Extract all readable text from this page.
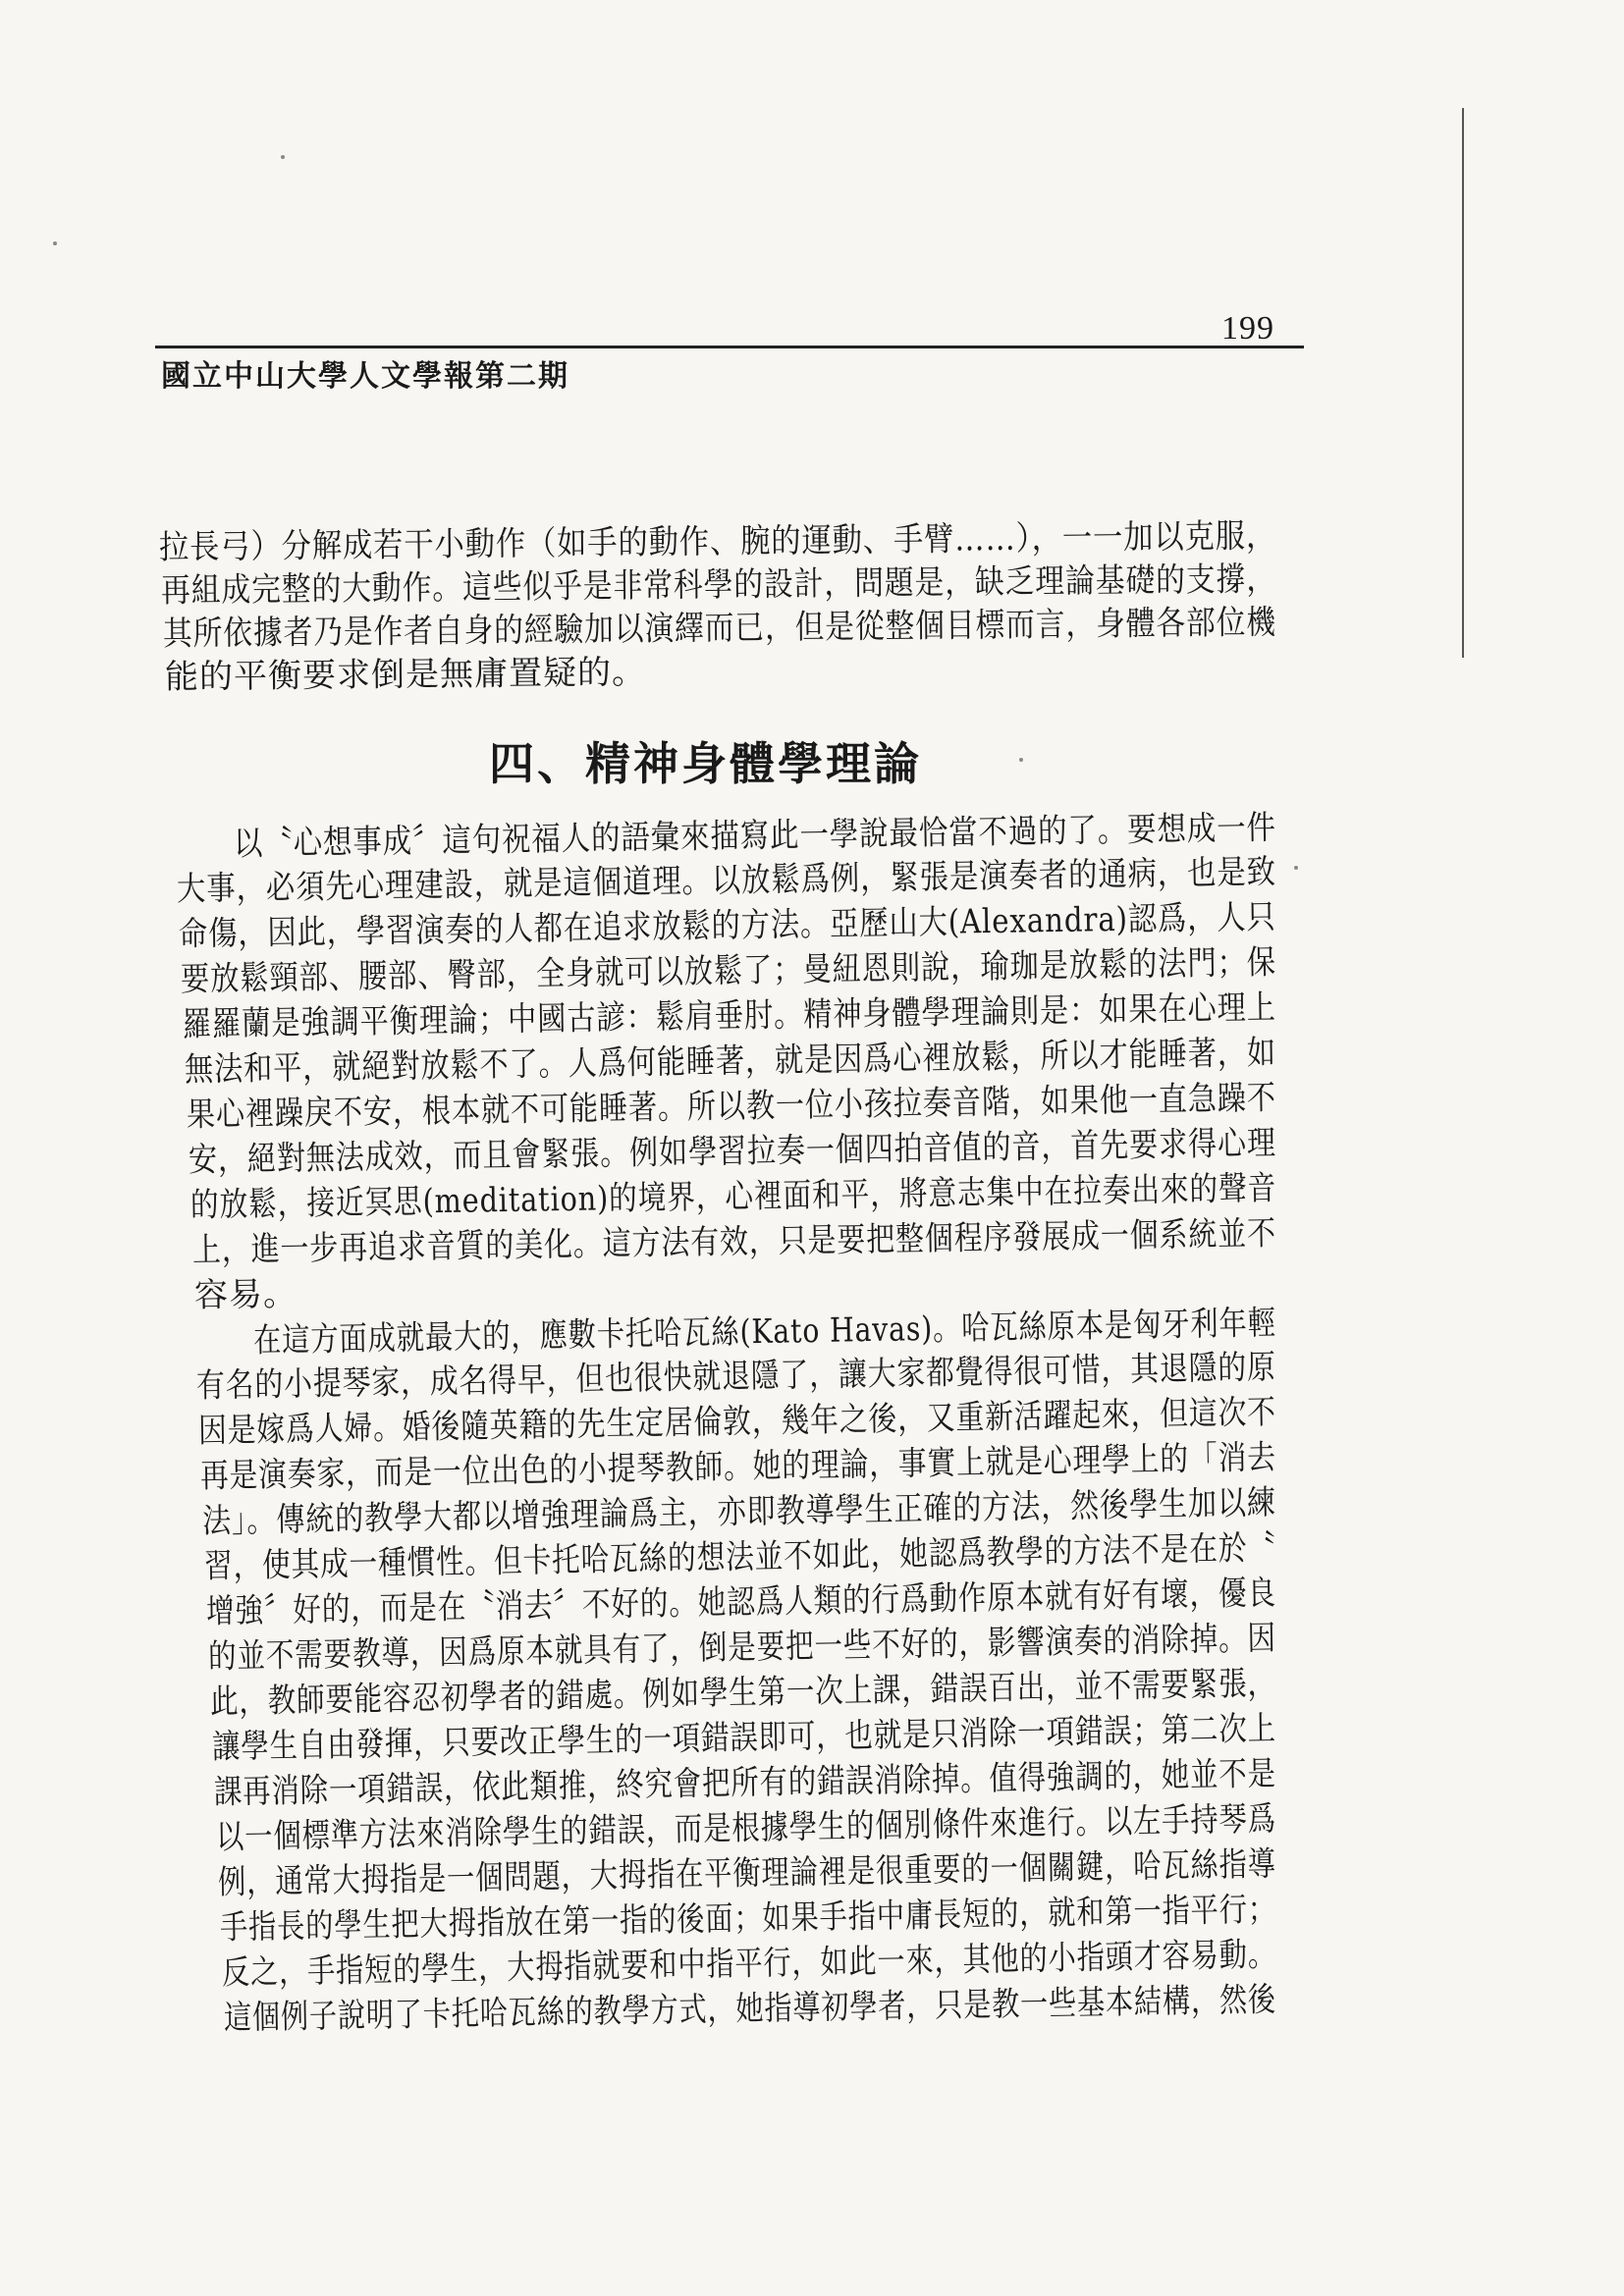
199
國立中山大學人文學報第二期
拉長弓）分解成若干小動作（如手的動作、腕的運動、手臂……），一一加以克服，
再組成完整的大動作。這些似乎是非常科學的設計，問題是，缺乏理論基礎的支撐，
其所依據者乃是作者自身的經驗加以演繹而已，但是從整個目標而言，身體各部位機
能的平衡要求倒是無庸置疑的。
四、精神身體學理論
以〝心想事成〞這句祝福人的語彙來描寫此一學說最恰當不過的了。要想成一件
大事，必須先心理建設，就是這個道理。以放鬆爲例，緊張是演奏者的通病，也是致
命傷，因此，學習演奏的人都在追求放鬆的方法。亞歷山大(Alexandra)認爲，人只
要放鬆頸部、腰部、臀部，全身就可以放鬆了；曼紐恩則說，瑜珈是放鬆的法門；保
羅羅蘭是強調平衡理論；中國古諺：鬆肩垂肘。精神身體學理論則是：如果在心理上
無法和平，就絕對放鬆不了。人爲何能睡著，就是因爲心裡放鬆，所以才能睡著，如
果心裡躁戾不安，根本就不可能睡著。所以教一位小孩拉奏音階，如果他一直急躁不
安，絕對無法成效，而且會緊張。例如學習拉奏一個四拍音值的音，首先要求得心理
的放鬆，接近冥思(meditation)的境界，心裡面和平，將意志集中在拉奏出來的聲音
上，進一步再追求音質的美化。這方法有效，只是要把整個程序發展成一個系統並不
容易。
在這方面成就最大的，應數卡托哈瓦絲(Kato Havas)。哈瓦絲原本是匈牙利年輕
有名的小提琴家，成名得早，但也很快就退隱了，讓大家都覺得很可惜，其退隱的原
因是嫁爲人婦。婚後隨英籍的先生定居倫敦，幾年之後，又重新活躍起來，但這次不
再是演奏家，而是一位出色的小提琴教師。她的理論，事實上就是心理學上的「消去
法」。傳統的教學大都以增強理論爲主，亦即教導學生正確的方法，然後學生加以練
習，使其成一種慣性。但卡托哈瓦絲的想法並不如此，她認爲教學的方法不是在於〝
增強〞好的，而是在〝消去〞不好的。她認爲人類的行爲動作原本就有好有壞，優良
的並不需要教導，因爲原本就具有了，倒是要把一些不好的，影響演奏的消除掉。因
此，教師要能容忍初學者的錯處。例如學生第一次上課，錯誤百出，並不需要緊張，
讓學生自由發揮，只要改正學生的一項錯誤即可，也就是只消除一項錯誤；第二次上
課再消除一項錯誤，依此類推，終究會把所有的錯誤消除掉。值得強調的，她並不是
以一個標準方法來消除學生的錯誤，而是根據學生的個別條件來進行。以左手持琴爲
例，通常大拇指是一個問題，大拇指在平衡理論裡是很重要的一個關鍵，哈瓦絲指導
手指長的學生把大拇指放在第一指的後面；如果手指中庸長短的，就和第一指平行；
反之，手指短的學生，大拇指就要和中指平行，如此一來，其他的小指頭才容易動。
這個例子說明了卡托哈瓦絲的教學方式，她指導初學者，只是教一些基本結構，然後
